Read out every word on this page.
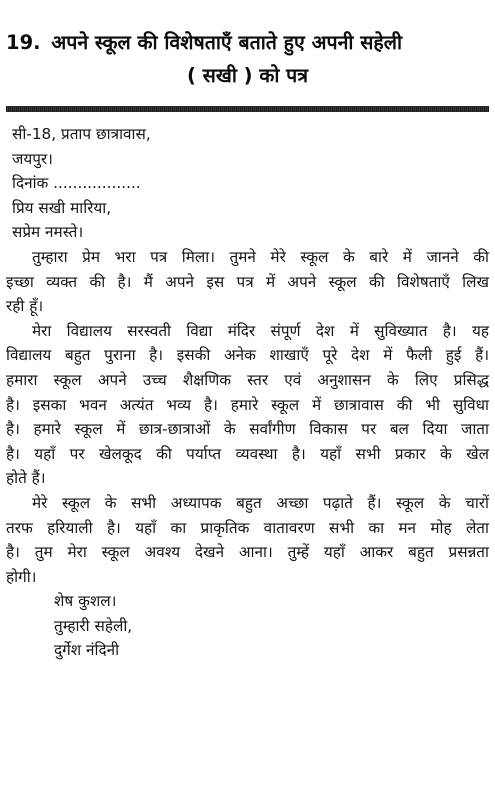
19. अपने स्कूल की विशेषताएँ बताते हुए अपनी सहेली
( सखी ) को पत्र
सी-18, प्रताप छात्रावास,
जयपुर।
दिनांक ..................
प्रिय सखी मारिया,
सप्रेम नमस्ते।
तुम्हारा प्रेम भरा पत्र मिला। तुमने मेरे स्कूल के बारे में जानने की
इच्छा व्यक्त की है। मैं अपने इस पत्र में अपने स्कूल की विशेषताएँ लिख
रही हूँ।
मेरा विद्यालय सरस्वती विद्या मंदिर संपूर्ण देश में सुविख्यात है। यह
विद्यालय बहुत पुराना है। इसकी अनेक शाखाएँ पूरे देश में फैली हुई हैं।
हमारा स्कूल अपने उच्च शैक्षणिक स्तर एवं अनुशासन के लिए प्रसिद्ध
है। इसका भवन अत्यंत भव्य है। हमारे स्कूल में छात्रावास की भी सुविधा
है। हमारे स्कूल में छात्र-छात्राओं के सर्वांगीण विकास पर बल दिया जाता
है। यहाँ पर खेलकूद की पर्याप्त व्यवस्था है। यहाँ सभी प्रकार के खेल
होते हैं।
मेरे स्कूल के सभी अध्यापक बहुत अच्छा पढ़ाते हैं। स्कूल के चारों
तरफ हरियाली है। यहाँ का प्राकृतिक वातावरण सभी का मन मोह लेता
है। तुम मेरा स्कूल अवश्य देखने आना। तुम्हें यहाँ आकर बहुत प्रसन्नता
होगी।
शेष कुशल।
तुम्हारी सहेली,
दुर्गेश नंदिनी
